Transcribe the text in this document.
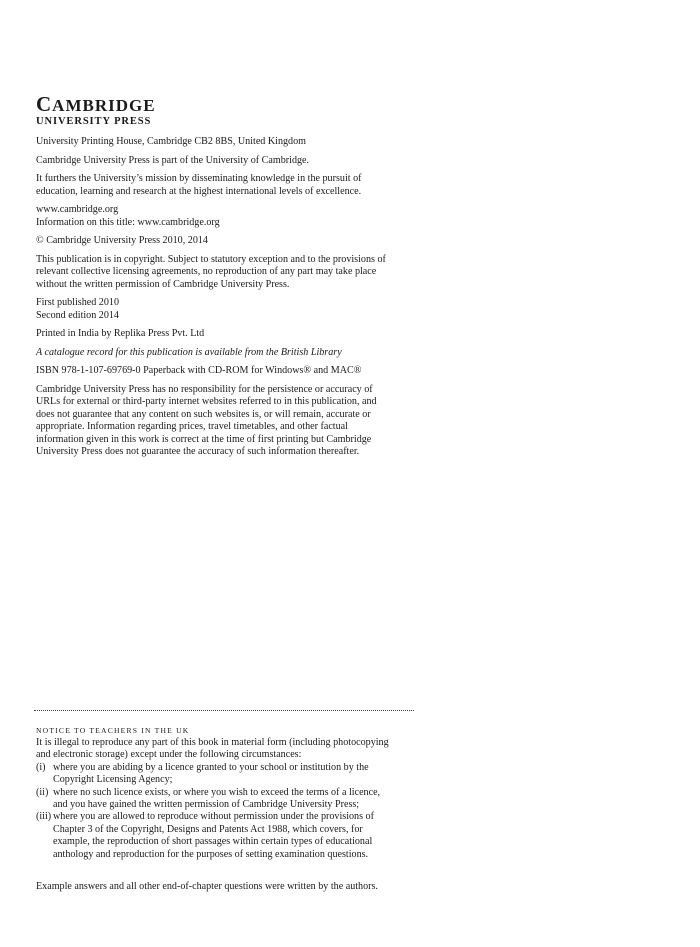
CAMBRIDGE
UNIVERSITY PRESS

University Printing House, Cambridge CB2 8BS, United Kingdom

Cambridge University Press is part of the University of Cambridge.

It furthers the University’s mission by disseminating knowledge in the pursuit of education, learning and research at the highest international levels of excellence.

www.cambridge.org

Information on this title: www.cambridge.org

© Cambridge University Press 2010, 2014

This publication is in copyright. Subject to statutory exception and to the provisions of relevant collective licensing agreements, no reproduction of any part may take place without the written permission of Cambridge University Press.

First published 2010

Second edition 2014

Printed in India by Replika Press Pvt. Ltd

A catalogue record for this publication is available from the British Library

ISBN 978-1-107-69769-0 Paperback with CD-ROM for Windows® and MAC®

Cambridge University Press has no responsibility for the persistence or accuracy of URLs for external or third-party internet websites referred to in this publication, and does not guarantee that any content on such websites is, or will remain, accurate or appropriate. Information regarding prices, travel timetables, and other factual information given in this work is correct at the time of first printing but Cambridge University Press does not guarantee the accuracy of such information thereafter.

NOTICE TO TEACHERS IN THE UK

It is illegal to reproduce any part of this book in material form (including photocopying and electronic storage) except under the following circumstances:

(i) where you are abiding by a licence granted to your school or institution by the Copyright Licensing Agency;
(ii) where no such licence exists, or where you wish to exceed the terms of a licence, and you have gained the written permission of Cambridge University Press;
(iii) where you are allowed to reproduce without permission under the provisions of Chapter 3 of the Copyright, Designs and Patents Act 1988, which covers, for example, the reproduction of short passages within certain types of educational anthology and reproduction for the purposes of setting examination questions.
Example answers and all other end-of-chapter questions were written by the authors.
